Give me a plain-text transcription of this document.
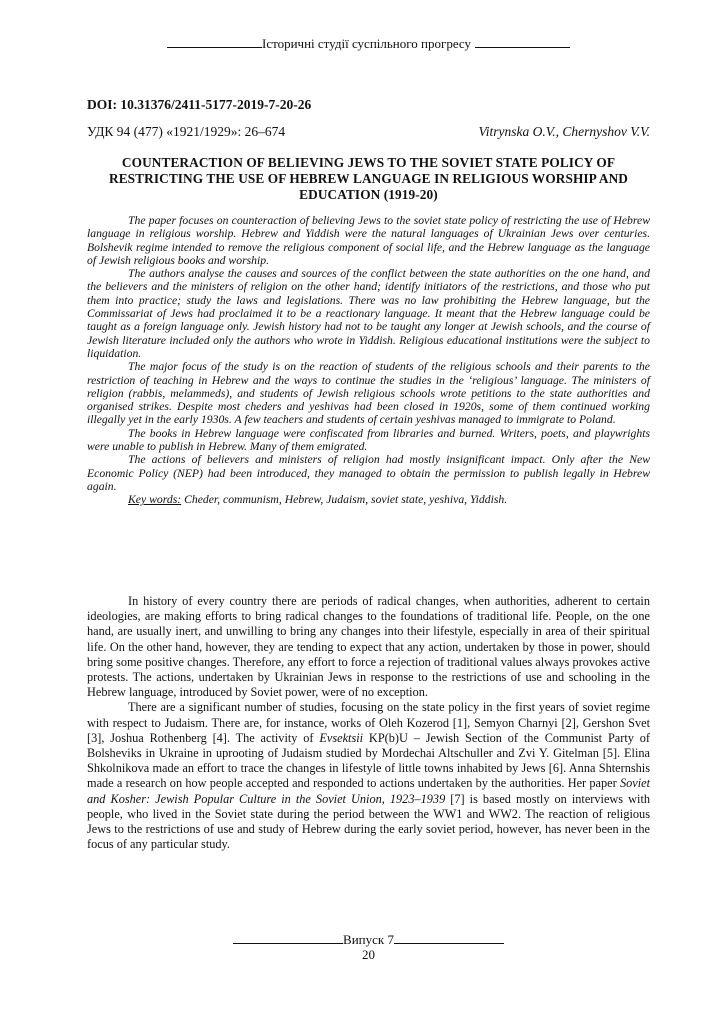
Історичні студії суспільного прогресу
DOI: 10.31376/2411-5177-2019-7-20-26
УДК 94 (477) «1921/1929»: 26–674	Vitrynska O.V., Chernyshov V.V.
COUNTERACTION OF BELIEVING JEWS TO THE SOVIET STATE POLICY OF RESTRICTING THE USE OF HEBREW LANGUAGE IN RELIGIOUS WORSHIP AND EDUCATION (1919-20)

The paper focuses on counteraction of believing Jews to the soviet state policy of restricting the use of Hebrew language in religious worship. Hebrew and Yiddish were the natural languages of Ukrainian Jews over centuries. Bolshevik regime intended to remove the religious component of social life, and the Hebrew language as the language of Jewish religious books and worship.

The authors analyse the causes and sources of the conflict between the state authorities on the one hand, and the believers and the ministers of religion on the other hand; identify initiators of the restrictions, and those who put them into practice; study the laws and legislations. There was no law prohibiting the Hebrew language, but the Commissariat of Jews had proclaimed it to be a reactionary language. It meant that the Hebrew language could be taught as a foreign language only. Jewish history had not to be taught any longer at Jewish schools, and the course of Jewish literature included only the authors who wrote in Yiddish. Religious educational institutions were the subject to liquidation.

The major focus of the study is on the reaction of students of the religious schools and their parents to the restriction of teaching in Hebrew and the ways to continue the studies in the ‘religious’ language. The ministers of religion (rabbis, melammeds), and students of Jewish religious schools wrote petitions to the state authorities and organised strikes. Despite most cheders and yeshivas had been closed in 1920s, some of them continued working illegally yet in the early 1930s. A few teachers and students of certain yeshivas managed to immigrate to Poland.

The books in Hebrew language were confiscated from libraries and burned. Writers, poets, and playwrights were unable to publish in Hebrew. Many of them emigrated.

The actions of believers and ministers of religion had mostly insignificant impact. Only after the New Economic Policy (NEP) had been introduced, they managed to obtain the permission to publish legally in Hebrew again.

Key words: Cheder, communism, Hebrew, Judaism, soviet state, yeshiva, Yiddish.

In history of every country there are periods of radical changes, when authorities, adherent to certain ideologies, are making efforts to bring radical changes to the foundations of traditional life. People, on the one hand, are usually inert, and unwilling to bring any changes into their lifestyle, especially in area of their spiritual life. On the other hand, however, they are tending to expect that any action, undertaken by those in power, should bring some positive changes. Therefore, any effort to force a rejection of traditional values always provokes active protests. The actions, undertaken by Ukrainian Jews in response to the restrictions of use and schooling in the Hebrew language, introduced by Soviet power, were of no exception.

There are a significant number of studies, focusing on the state policy in the first years of soviet regime with respect to Judaism. There are, for instance, works of Oleh Kozerod [1], Semyon Charnyi [2], Gershon Svet [3], Joshua Rothenberg [4]. The activity of Evsektsii KP(b)U – Jewish Section of the Communist Party of Bolsheviks in Ukraine in uprooting of Judaism studied by Mordechai Altschuller and Zvi Y. Gitelman [5]. Elina Shkolnikova made an effort to trace the changes in lifestyle of little towns inhabited by Jews [6]. Anna Shternshis made a research on how people accepted and responded to actions undertaken by the authorities. Her paper Soviet and Kosher: Jewish Popular Culture in the Soviet Union, 1923–1939 [7] is based mostly on interviews with people, who lived in the Soviet state during the period between the WW1 and WW2. The reaction of religious Jews to the restrictions of use and study of Hebrew during the early soviet period, however, has never been in the focus of any particular study.

Випуск 7
20
